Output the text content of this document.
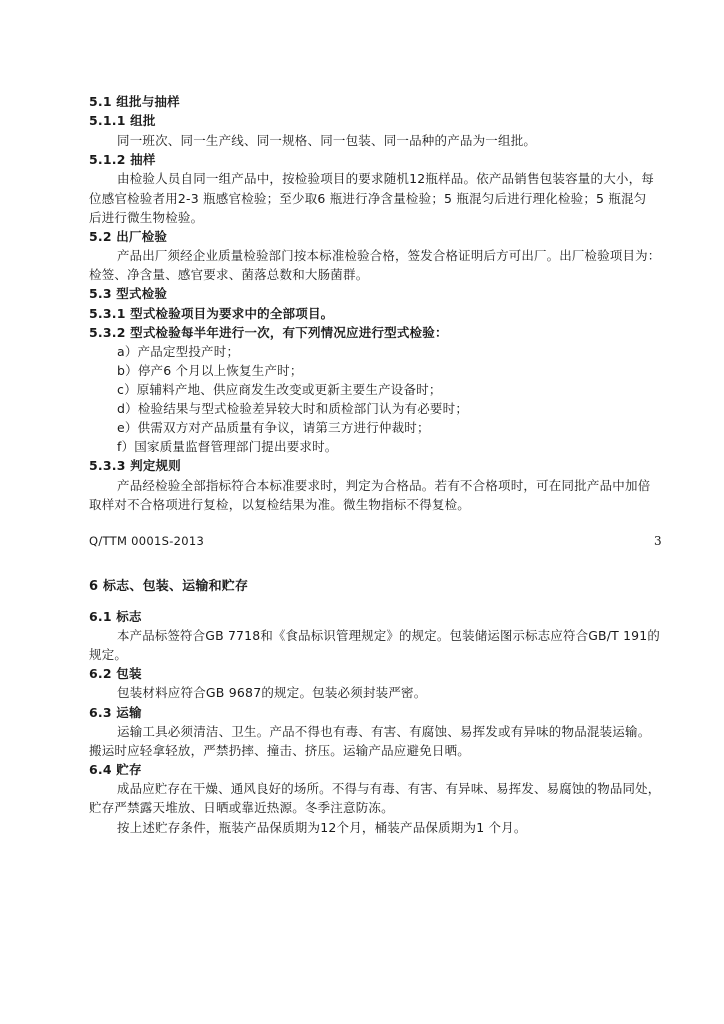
5.1 组批与抽样
5.1.1 组批
同一班次、同一生产线、同一规格、同一包装、同一品种的产品为一组批。
5.1.2 抽样
由检验人员自同一组产品中，按检验项目的要求随机12瓶样品。依产品销售包装容量的大小，每
位感官检验者用2-3 瓶感官检验；至少取6 瓶进行净含量检验；5 瓶混匀后进行理化检验；5 瓶混匀
后进行微生物检验。
5.2 出厂检验
产品出厂须经企业质量检验部门按本标准检验合格，签发合格证明后方可出厂。出厂检验项目为：
检签、净含量、感官要求、菌落总数和大肠菌群。
5.3 型式检验
5.3.1 型式检验项目为要求中的全部项目。
5.3.2 型式检验每半年进行一次，有下列情况应进行型式检验：
a）产品定型投产时；
b）停产6 个月以上恢复生产时；
c）原辅料产地、供应商发生改变或更新主要生产设备时；
d）检验结果与型式检验差异较大时和质检部门认为有必要时；
e）供需双方对产品质量有争议，请第三方进行仲裁时；
f）国家质量监督管理部门提出要求时。
5.3.3 判定规则
产品经检验全部指标符合本标准要求时，判定为合格品。若有不合格项时，可在同批产品中加倍
取样对不合格项进行复检，以复检结果为准。微生物指标不得复检。
Q/TTM 0001S-2013	3
6 标志、包装、运输和贮存
6.1 标志
本产品标签符合GB 7718和《食品标识管理规定》的规定。包装储运图示标志应符合GB/T 191的
规定。
6.2 包装
包装材料应符合GB 9687的规定。包装必须封装严密。
6.3 运输
运输工具必须清洁、卫生。产品不得也有毒、有害、有腐蚀、易挥发或有异味的物品混装运输。
搬运时应轻拿轻放，严禁扔摔、撞击、挤压。运输产品应避免日晒。
6.4 贮存
成品应贮存在干燥、通风良好的场所。不得与有毒、有害、有异味、易挥发、易腐蚀的物品同处，
贮存严禁露天堆放、日晒或靠近热源。冬季注意防冻。
按上述贮存条件，瓶装产品保质期为12个月，桶装产品保质期为1 个月。
